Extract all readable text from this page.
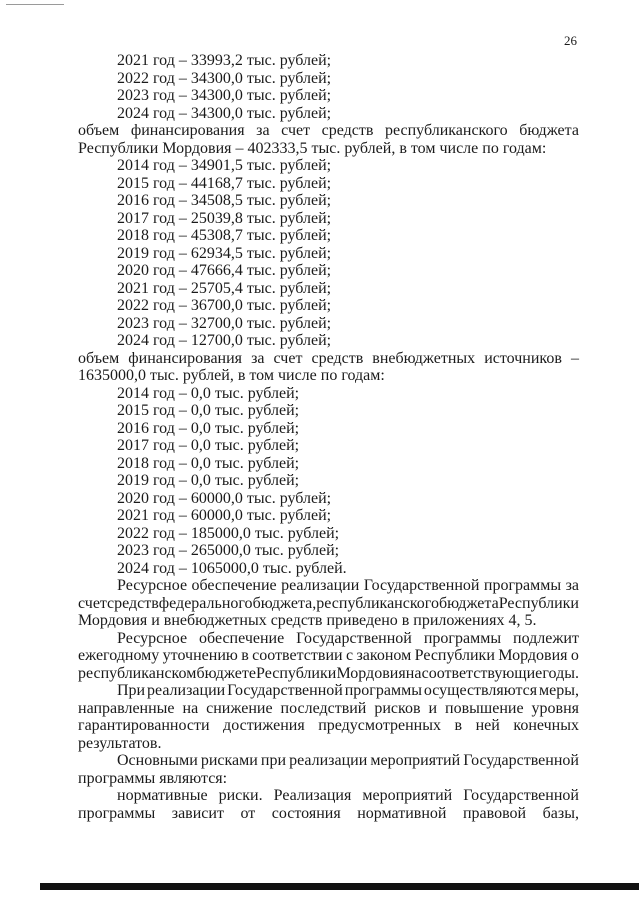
26
2021 год – 33993,2 тыс. рублей;
2022 год – 34300,0 тыс. рублей;
2023 год – 34300,0 тыс. рублей;
2024 год – 34300,0 тыс. рублей;
объем финансирования за счет средств республиканского бюджета
Республики Мордовия – 402333,5 тыс. рублей, в том числе по годам:
2014 год – 34901,5 тыс. рублей;
2015 год – 44168,7 тыс. рублей;
2016 год – 34508,5 тыс. рублей;
2017 год – 25039,8 тыс. рублей;
2018 год – 45308,7 тыс. рублей;
2019 год – 62934,5 тыс. рублей;
2020 год – 47666,4 тыс. рублей;
2021 год – 25705,4 тыс. рублей;
2022 год – 36700,0 тыс. рублей;
2023 год – 32700,0 тыс. рублей;
2024 год – 12700,0 тыс. рублей;
объем финансирования за счет средств внебюджетных источников –
1635000,0 тыс. рублей, в том числе по годам:
2014 год – 0,0 тыс. рублей;
2015 год – 0,0 тыс. рублей;
2016 год – 0,0 тыс. рублей;
2017 год – 0,0 тыс. рублей;
2018 год – 0,0 тыс. рублей;
2019 год – 0,0 тыс. рублей;
2020 год – 60000,0 тыс. рублей;
2021 год – 60000,0 тыс. рублей;
2022 год – 185000,0 тыс. рублей;
2023 год – 265000,0 тыс. рублей;
2024 год – 1065000,0 тыс. рублей.
Ресурсное обеспечение реализации Государственной программы за
счет средств федерального бюджета, республиканского бюджета Республики
Мордовия и внебюджетных средств приведено в приложениях 4, 5.
Ресурсное обеспечение Государственной программы подлежит
ежегодному уточнению в соответствии с законом Республики Мордовия о
республиканском бюджете Республики Мордовия на соответствующие годы.
При реализации Государственной программы осуществляются меры,
направленные на снижение последствий рисков и повышение уровня
гарантированности достижения предусмотренных в ней конечных
результатов.
Основными рисками при реализации мероприятий Государственной
программы являются:
нормативные риски. Реализация мероприятий Государственной
программы зависит от состояния нормативной правовой базы,
